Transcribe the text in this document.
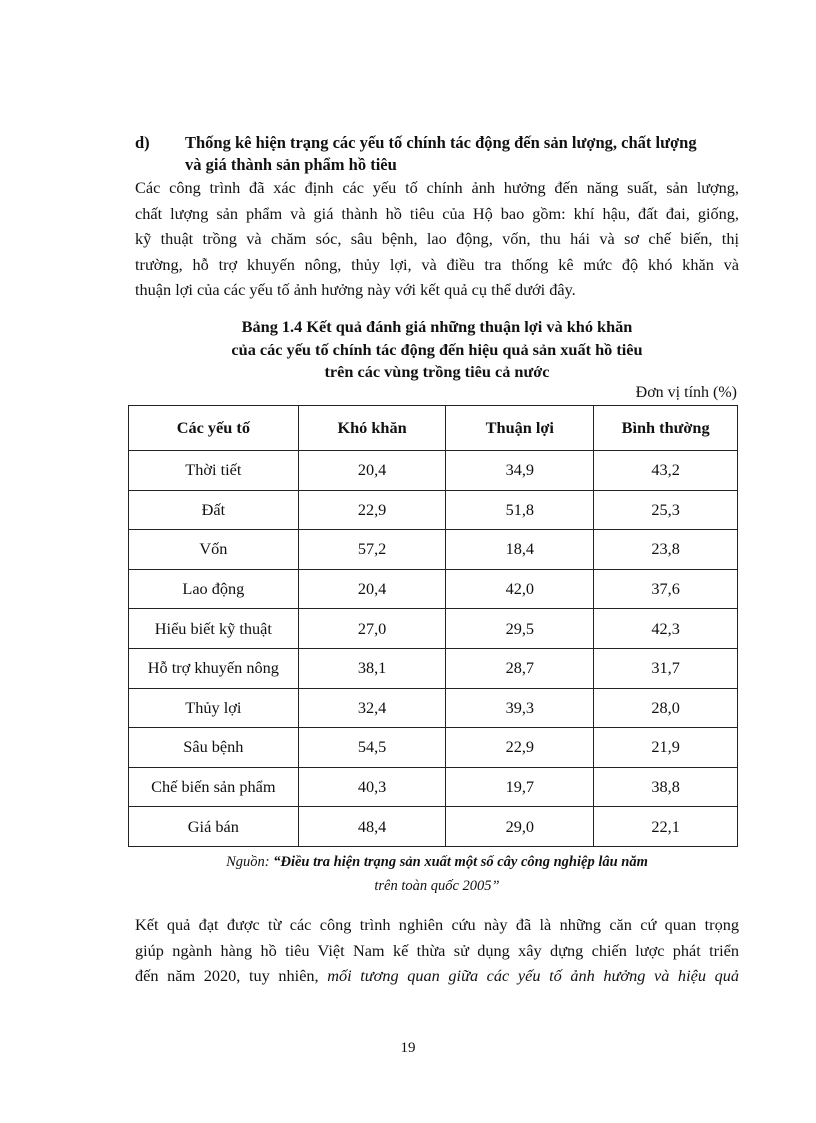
d) Thống kê hiện trạng các yếu tố chính tác động đến sản lượng, chất lượng
và giá thành sản phẩm hồ tiêu
Các công trình đã xác định các yếu tố chính ảnh hưởng đến năng suất, sản lượng,
chất lượng sản phẩm và giá thành hồ tiêu của Hộ bao gồm: khí hậu, đất đai, giống,
kỹ thuật trồng và chăm sóc, sâu bệnh, lao động, vốn, thu hái và sơ chế biến, thị
trường, hỗ trợ khuyến nông, thủy lợi, và điều tra thống kê mức độ khó khăn và
thuận lợi của các yếu tố ảnh hưởng này với kết quả cụ thể dưới đây.
Bảng 1.4 Kết quả đánh giá những thuận lợi và khó khăn
của các yếu tố chính tác động đến hiệu quả sản xuất hồ tiêu
trên các vùng trồng tiêu cả nước
Đơn vị tính (%)
Các yếu tố	Khó khăn	Thuận lợi	Bình thường
Thời tiết	20,4	34,9	43,2
Đất	22,9	51,8	25,3
Vốn	57,2	18,4	23,8
Lao động	20,4	42,0	37,6
Hiểu biết kỹ thuật	27,0	29,5	42,3
Hỗ trợ khuyến nông	38,1	28,7	31,7
Thủy lợi	32,4	39,3	28,0
Sâu bệnh	54,5	22,9	21,9
Chế biến sản phẩm	40,3	19,7	38,8
Giá bán	48,4	29,0	22,1
Nguồn: “Điều tra hiện trạng sản xuất một số cây công nghiệp lâu năm
trên toàn quốc 2005”
Kết quả đạt được từ các công trình nghiên cứu này đã là những căn cứ quan trọng
giúp ngành hàng hồ tiêu Việt Nam kế thừa sử dụng xây dựng chiến lược phát triển
đến năm 2020, tuy nhiên, mối tương quan giữa các yếu tố ảnh hưởng và hiệu quả
19
